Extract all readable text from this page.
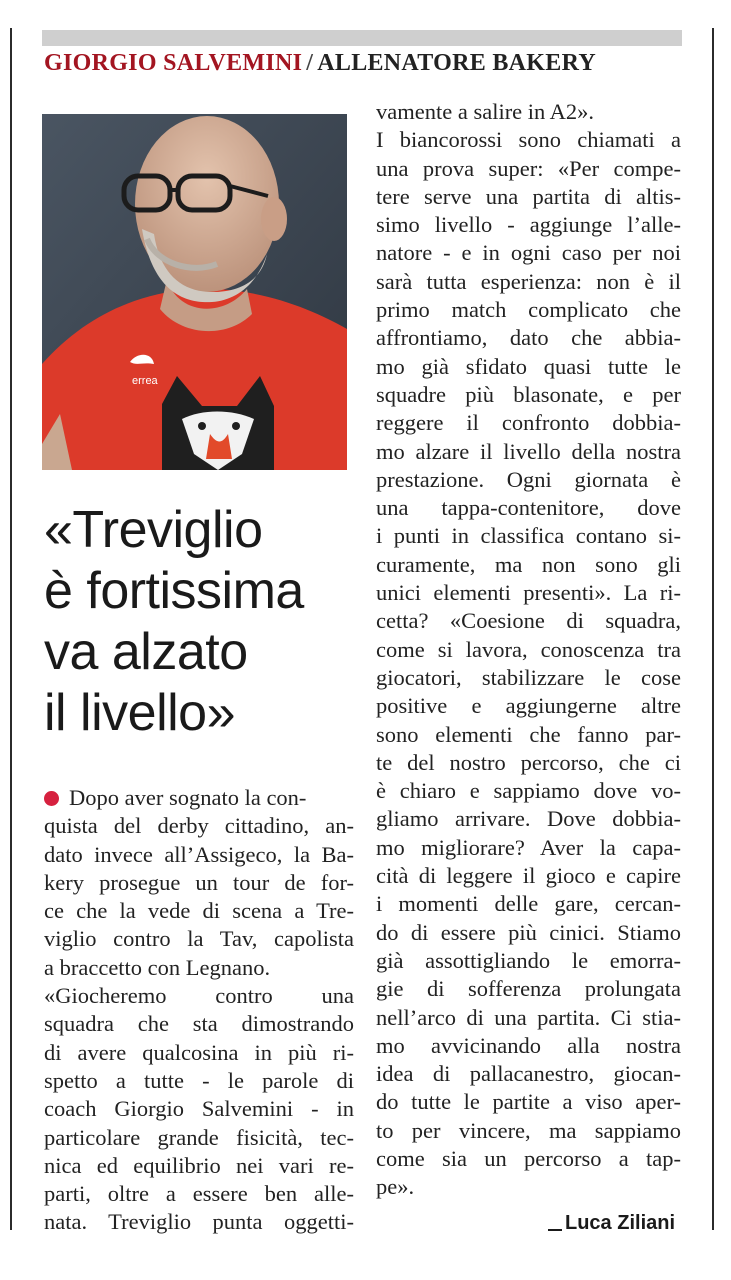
GIORGIO SALVEMINI / ALLENATORE BAKERY
errea
«Treviglio
è fortissima
va alzato
il livello»
Dopo aver sognato la con-
quista del derby cittadino, an-
dato invece all’Assigeco, la Ba-
kery prosegue un tour de for-
ce che la vede di scena a Tre-
viglio contro la Tav, capolista
a braccetto con Legnano.
«Giocheremo contro una
squadra che sta dimostrando
di avere qualcosina in più ri-
spetto a tutte - le parole di
coach Giorgio Salvemini - in
particolare grande fisicità, tec-
nica ed equilibrio nei vari re-
parti, oltre a essere ben alle-
nata. Treviglio punta oggetti-
vamente a salire in A2».
I biancorossi sono chiamati a
una prova super: «Per compe-
tere serve una partita di altis-
simo livello - aggiunge l’alle-
natore - e in ogni caso per noi
sarà tutta esperienza: non è il
primo match complicato che
affrontiamo, dato che abbia-
mo già sfidato quasi tutte le
squadre più blasonate, e per
reggere il confronto dobbia-
mo alzare il livello della nostra
prestazione. Ogni giornata è
una tappa-contenitore, dove
i punti in classifica contano si-
curamente, ma non sono gli
unici elementi presenti». La ri-
cetta? «Coesione di squadra,
come si lavora, conoscenza tra
giocatori, stabilizzare le cose
positive e aggiungerne altre
sono elementi che fanno par-
te del nostro percorso, che ci
è chiaro e sappiamo dove vo-
gliamo arrivare. Dove dobbia-
mo migliorare? Aver la capa-
cità di leggere il gioco e capire
i momenti delle gare, cercan-
do di essere più cinici. Stiamo
già assottigliando le emorra-
gie di sofferenza prolungata
nell’arco di una partita. Ci stia-
mo avvicinando alla nostra
idea di pallacanestro, giocan-
do tutte le partite a viso aper-
to per vincere, ma sappiamo
come sia un percorso a tap-
pe».
Luca Ziliani
